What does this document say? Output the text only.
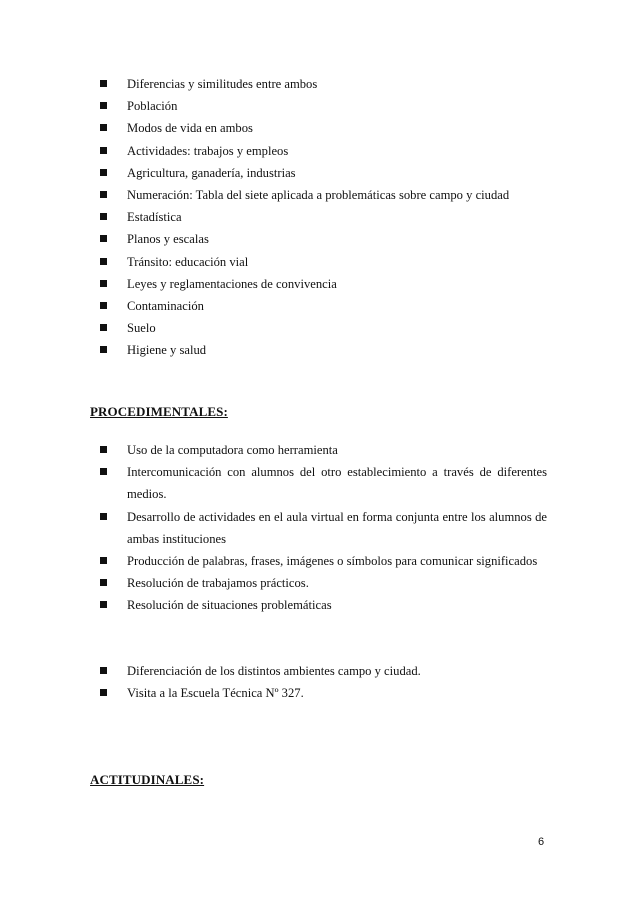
Diferencias y similitudes entre ambos
Población
Modos de vida en ambos
Actividades: trabajos y empleos
Agricultura, ganadería, industrias
Numeración: Tabla del siete aplicada a problemáticas sobre campo y ciudad
Estadística
Planos y escalas
Tránsito: educación vial
Leyes y reglamentaciones de convivencia
Contaminación
Suelo
Higiene y salud
PROCEDIMENTALES:
Uso de la computadora como herramienta
Intercomunicación con alumnos del otro establecimiento a través de diferentes medios.
Desarrollo de actividades en el aula virtual en forma conjunta entre los alumnos de ambas instituciones
Producción de palabras, frases, imágenes o símbolos para comunicar significados
Resolución de trabajamos prácticos.
Resolución de situaciones problemáticas
Diferenciación de los distintos ambientes campo y ciudad.
Visita a la Escuela Técnica Nº 327.
ACTITUDINALES:
6
